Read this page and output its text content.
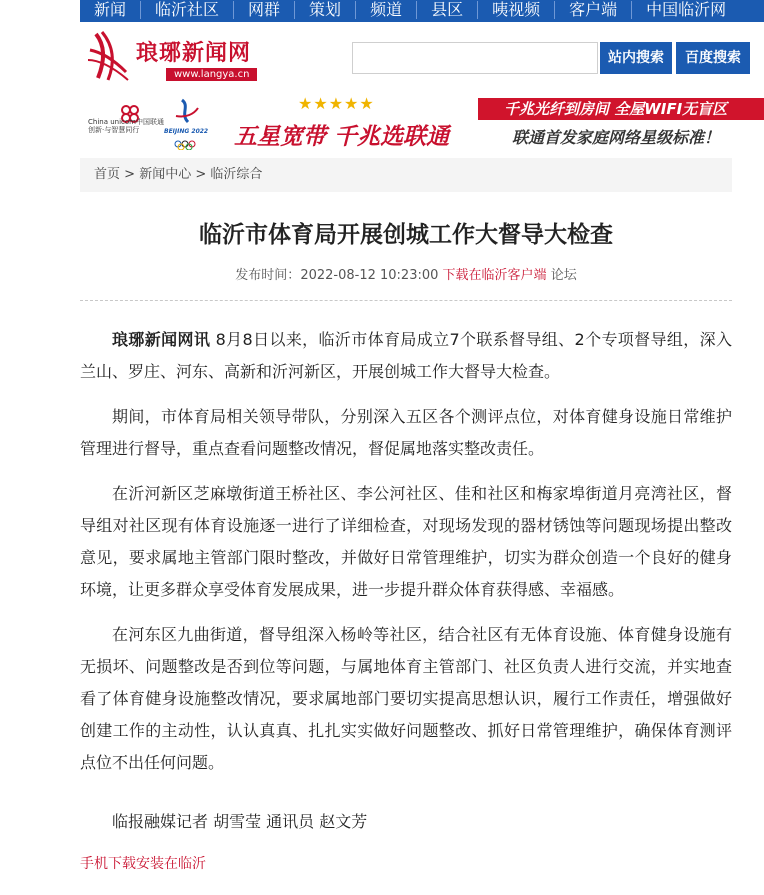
新闻 临沂社区 网群 策划 频道 县区 咦视频 客户端 中国临沂网
琅琊新闻网
www.langya.cn
站内搜索	百度搜索
China unicom中国联通
创新·与智慧同行	BEIJING 2022
★★★★★
五星宽带 千兆选联通
千兆光纤到房间 全屋WIFI无盲区
联通首发家庭网络星级标准！
首页 > 新闻中心 > 临沂综合
临沂市体育局开展创城工作大督导大检查
发布时间：2022-08-12 10:23:00 下载在临沂客户端 论坛

琅琊新闻网讯 8月8日以来，临沂市体育局成立7个联系督导组、2个专项督导组，深入兰山、罗庄、河东、高新和沂河新区，开展创城工作大督导大检查。

期间，市体育局相关领导带队，分别深入五区各个测评点位，对体育健身设施日常维护管理进行督导，重点查看问题整改情况，督促属地落实整改责任。

在沂河新区芝麻墩街道王桥社区、李公河社区、佳和社区和梅家埠街道月亮湾社区，督导组对社区现有体育设施逐一进行了详细检查，对现场发现的器材锈蚀等问题现场提出整改意见，要求属地主管部门限时整改，并做好日常管理维护，切实为群众创造一个良好的健身环境，让更多群众享受体育发展成果，进一步提升群众体育获得感、幸福感。

在河东区九曲街道，督导组深入杨岭等社区，结合社区有无体育设施、体育健身设施有无损坏、问题整改是否到位等问题，与属地体育主管部门、社区负责人进行交流，并实地查看了体育健身设施整改情况，要求属地部门要切实提高思想认识，履行工作责任，增强做好创建工作的主动性，认认真真、扎扎实实做好问题整改、抓好日常管理维护，确保体育测评点位不出任何问题。

临报融媒记者 胡雪莹 通讯员 赵文芳
手机下载安装在临沂
